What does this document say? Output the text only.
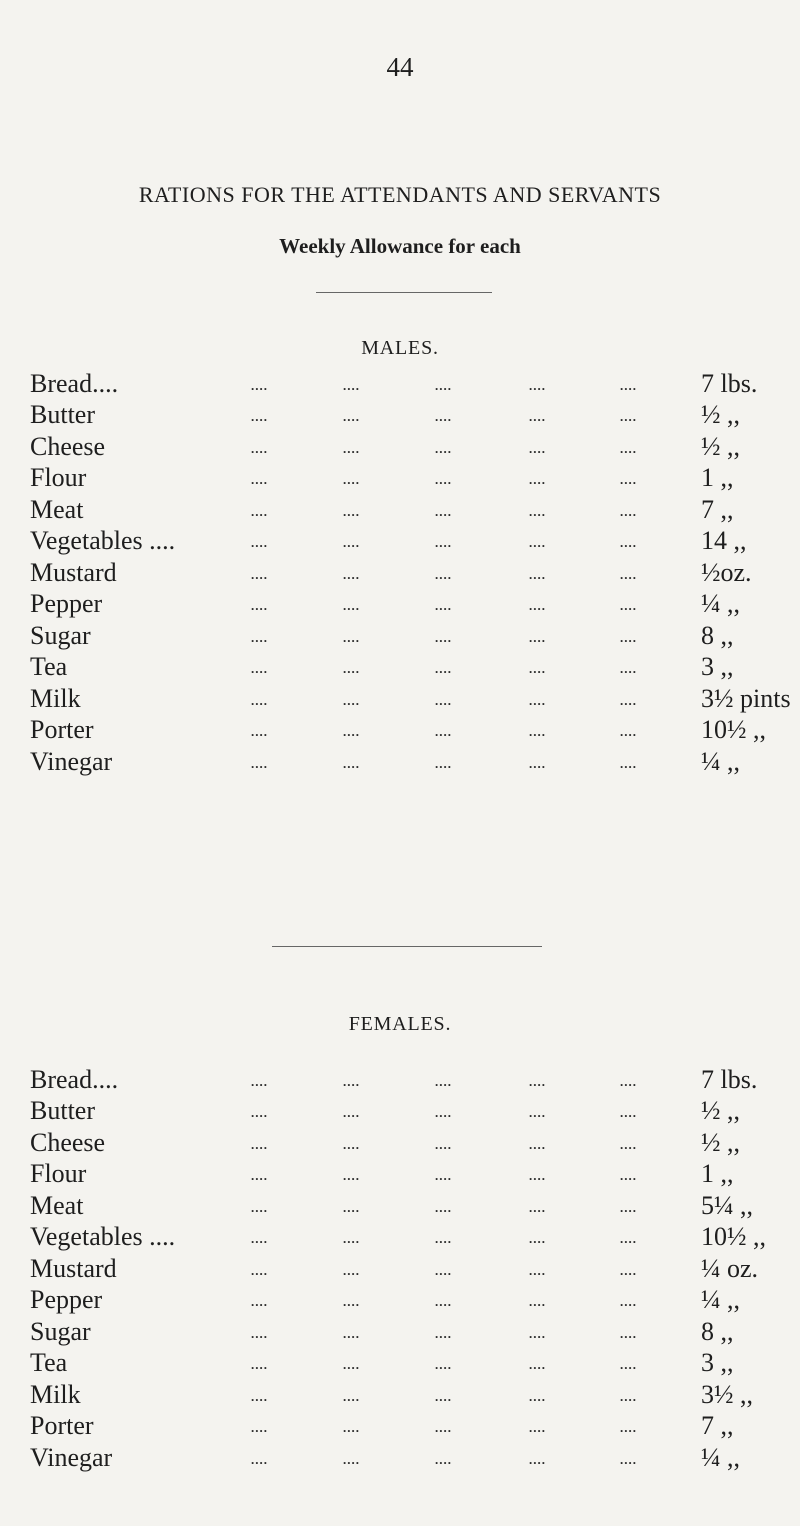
44
RATIONS FOR THE ATTENDANTS AND SERVANTS
Weekly Allowance for each
MALES.
Bread....	....	....	....	....	.... 7 lbs.
Butter	....	....	....	....	.... ½ ,,
Cheese	....	....	....	....	.... ½ ,,
Flour	....	....	....	....	.... 1 ,,
Meat	....	....	....	....	.... 7 ,,
Vegetables ....	....	....	....	....	.... 14 ,,
Mustard	....	....	....	....	.... ½oz.
Pepper	....	....	....	....	.... ¼ ,,
Sugar	....	....	....	....	.... 8 ,,
Tea	....	....	....	....	.... 3 ,,
Milk	....	....	....	....	.... 3½ pints
Porter	....	....	....	....	.... 10½ ,,
Vinegar	....	....	....	....	.... ¼ ,,
FEMALES.
Bread....	....	....	....	....	.... 7 lbs.
Butter	....	....	....	....	.... ½ ,,
Cheese	....	....	....	....	.... ½ ,,
Flour	....	....	....	....	.... 1 ,,
Meat	....	....	....	....	.... 5¼ ,,
Vegetables ....	....	....	....	....	.... 10½ ,,
Mustard	....	....	....	....	.... ¼ oz.
Pepper	....	....	....	....	.... ¼ ,,
Sugar	....	....	....	....	.... 8 ,,
Tea	....	....	....	....	.... 3 ,,
Milk	....	....	....	....	.... 3½ ,,
Porter	....	....	....	....	.... 7 ,,
Vinegar	....	....	....	....	.... ¼ ,,
